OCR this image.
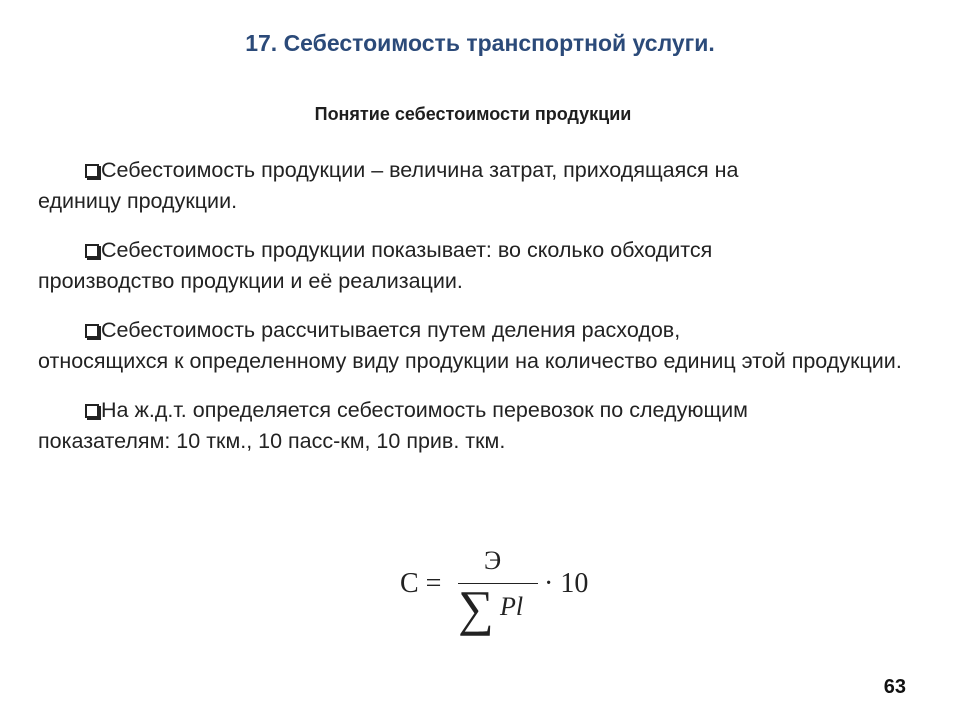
17. Себестоимость транспортной услуги.
Понятие себестоимости продукции
Себестоимость продукции – величина затрат, приходящаяся на
единицу продукции.
Себестоимость продукции показывает: во сколько обходится
производство продукции и её реализации.
Себестоимость рассчитывается путем деления расходов,
относящихся к определенному виду продукции на количество единиц этой продукции.
На ж.д.т. определяется себестоимость перевозок по следующим
показателям: 10 ткм., 10 пасс-км, 10 прив. ткм.
С =
Э
∑ Pl
· 10
63
